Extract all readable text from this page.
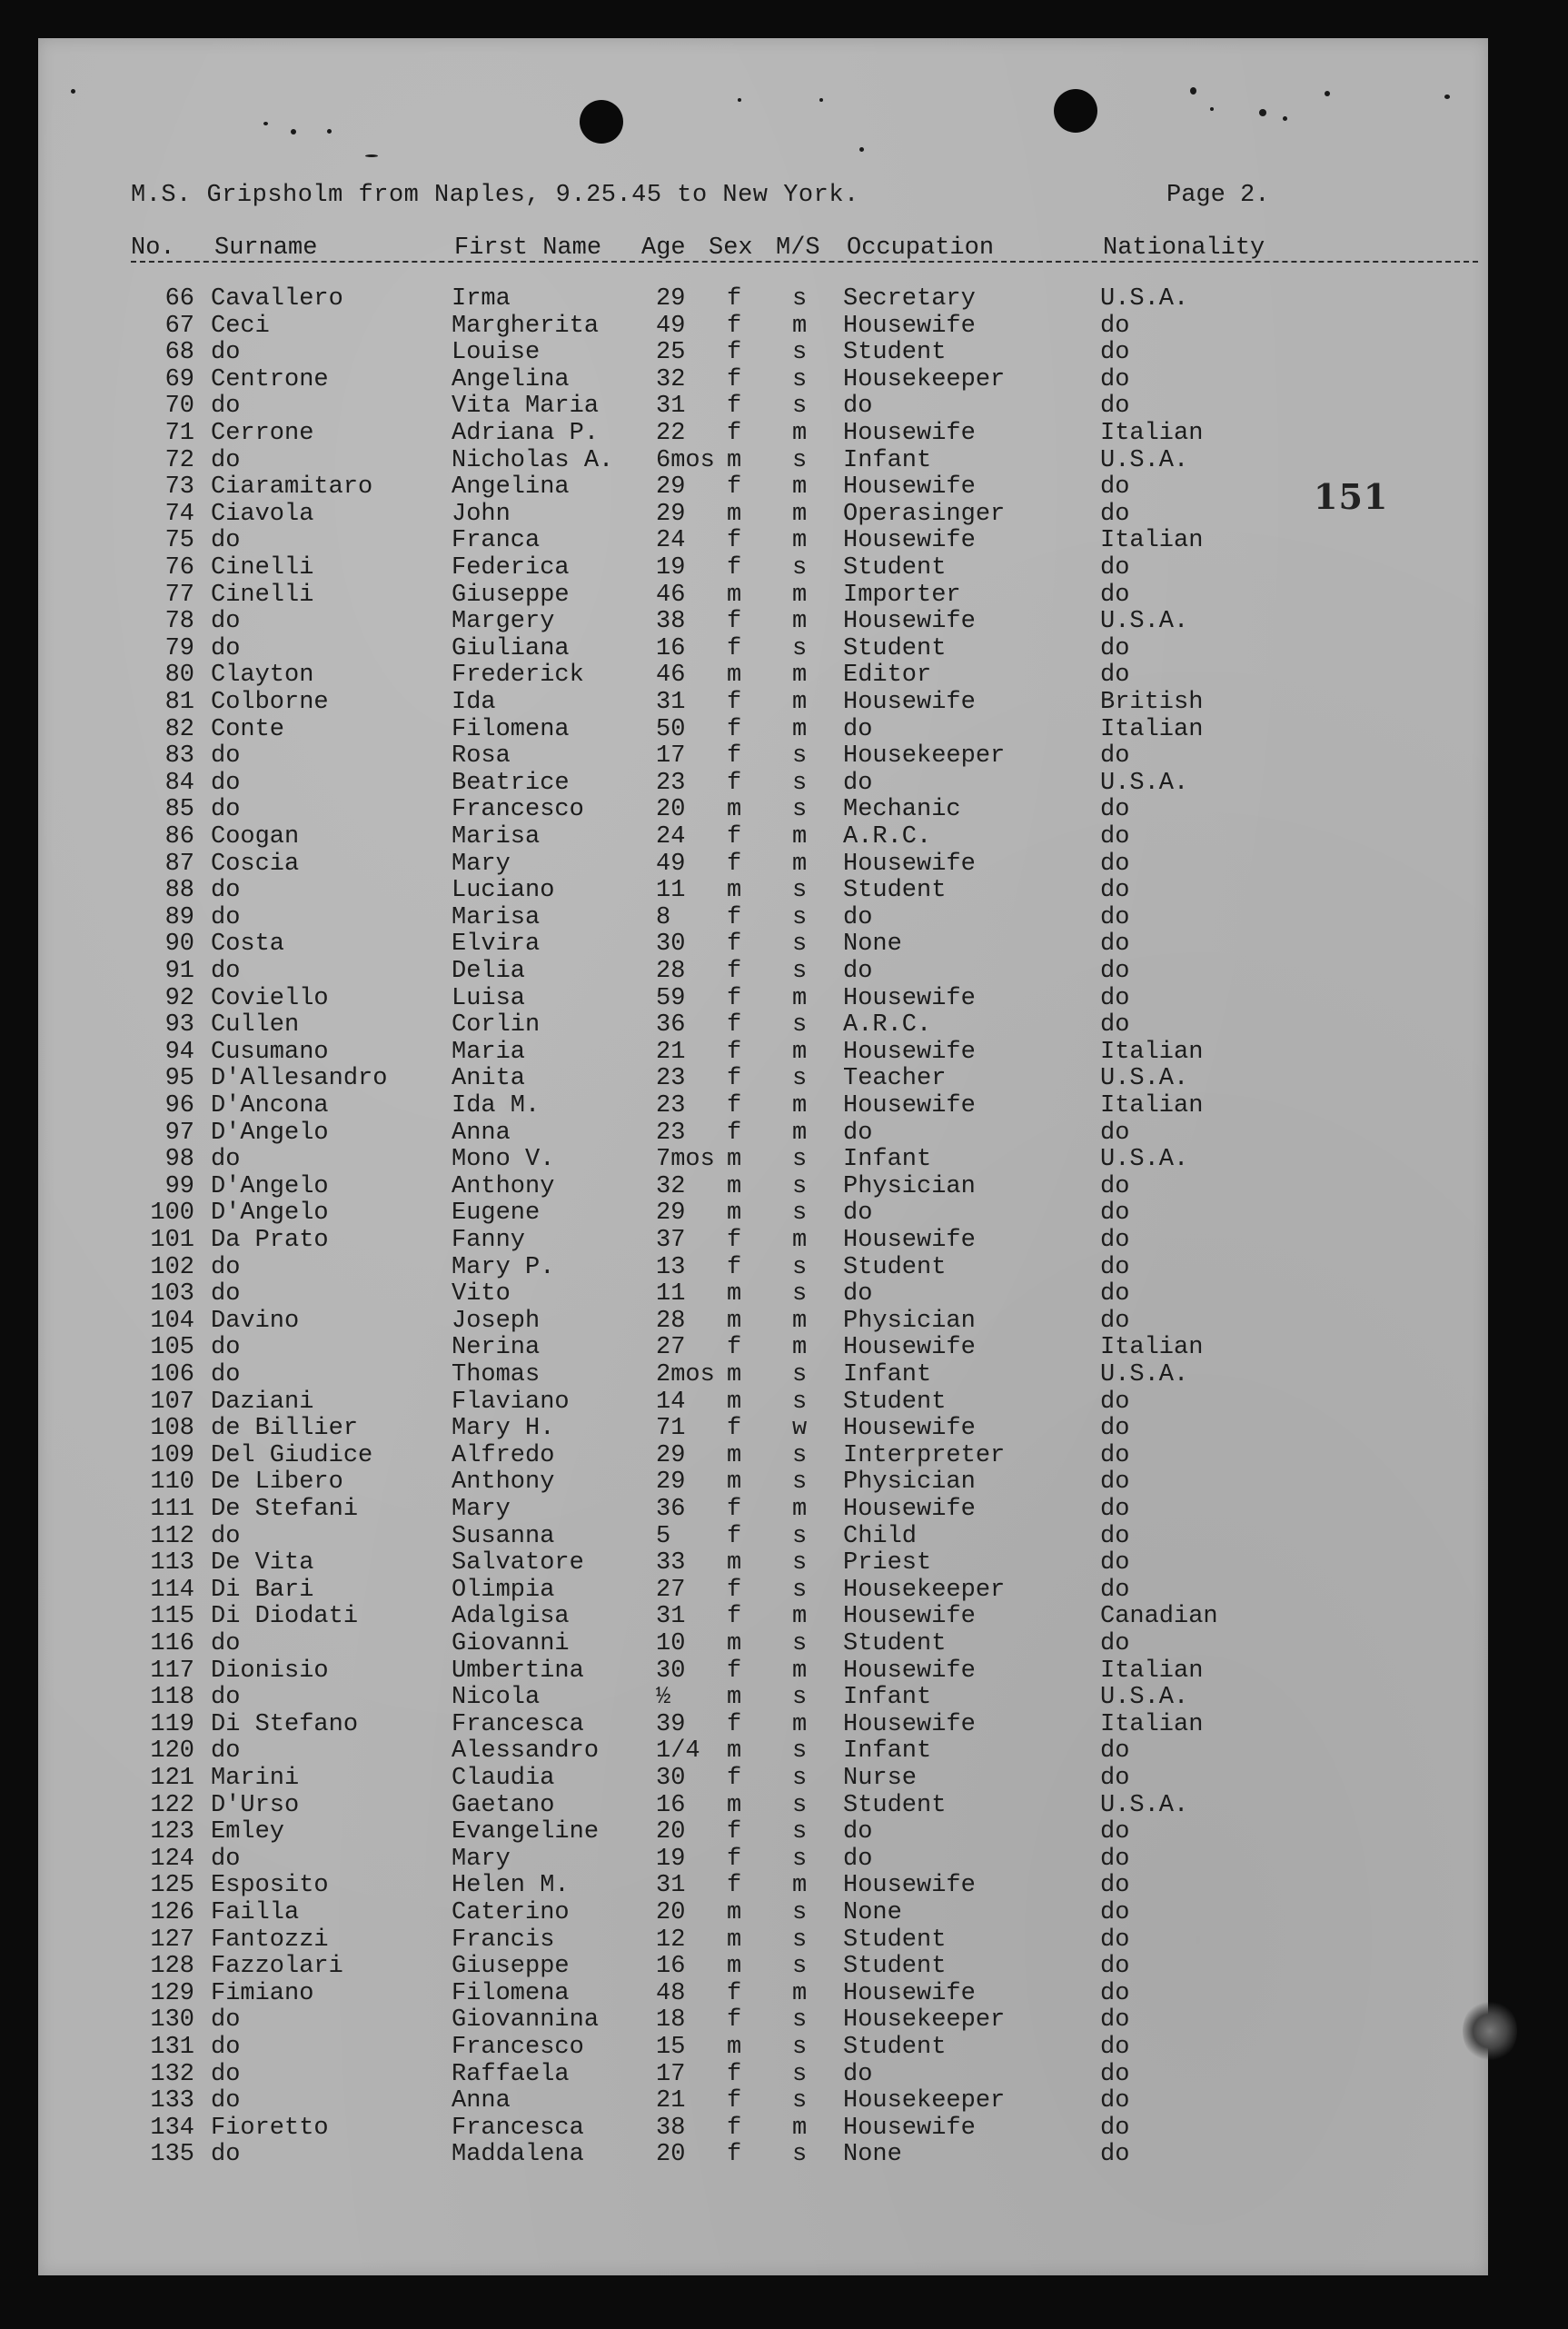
M.S. Gripsholm from Naples, 9.25.45 to New York.	Page 2.
No. Surname	First Name Age Sex M/S Occupation	Nationality
151
66 Cavallero	Irma	29 f s Secretary	U.S.A.
67 Ceci	Margherita 49 f m Housewife	do
68 do	Louise	25 f s Student	do
69 Centrone	Angelina	32 f s Housekeeper	do
70 do	Vita Maria 31 f s do	do
71 Cerrone	Adriana P. 22 f m Housewife	Italian
72 do	Nicholas A. 6mos m s Infant	U.S.A.
73 Ciaramitaro	Angelina	29 f m Housewife	do
74 Ciavola	John	29 m m Operasinger	do
75 do	Franca	24 f m Housewife	Italian
76 Cinelli	Federica	19 f s Student	do
77 Cinelli	Giuseppe	46 m m Importer	do
78 do	Margery	38 f m Housewife	U.S.A.
79 do	Giuliana	16 f s Student	do
80 Clayton	Frederick	46 m m Editor	do
81 Colborne	Ida	31 f m Housewife	British
82 Conte	Filomena	50 f m do	Italian
83 do	Rosa	17 f s Housekeeper	do
84 do	Beatrice	23 f s do	U.S.A.
85 do	Francesco	20 m s Mechanic	do
86 Coogan	Marisa	24 f m A.R.C.	do
87 Coscia	Mary	49 f m Housewife	do
88 do	Luciano	11 m s Student	do
89 do	Marisa	8 f s do	do
90 Costa	Elvira	30 f s None	do
91 do	Delia	28 f s do	do
92 Coviello	Luisa	59 f m Housewife	do
93 Cullen	Corlin	36 f s A.R.C.	do
94 Cusumano	Maria	21 f m Housewife	Italian
95 D'Allesandro	Anita	23 f s Teacher	U.S.A.
96 D'Ancona	Ida M.	23 f m Housewife	Italian
97 D'Angelo	Anna	23 f m do	do
98 do	Mono V.	7mos m s Infant	U.S.A.
99 D'Angelo	Anthony	32 m s Physician	do
100 D'Angelo	Eugene	29 m s do	do
101 Da Prato	Fanny	37 f m Housewife	do
102 do	Mary P.	13 f s Student	do
103 do	Vito	11 m s do	do
104 Davino	Joseph	28 m m Physician	do
105 do	Nerina	27 f m Housewife	Italian
106 do	Thomas	2mos m s Infant	U.S.A.
107 Daziani	Flaviano	14 m s Student	do
108 de Billier	Mary H.	71 f w Housewife	do
109 Del Giudice	Alfredo	29 m s Interpreter	do
110 De Libero	Anthony	29 m s Physician	do
111 De Stefani	Mary	36 f m Housewife	do
112 do	Susanna	5 f s Child	do
113 De Vita	Salvatore	33 m s Priest	do
114 Di Bari	Olimpia	27 f s Housekeeper	do
115 Di Diodati	Adalgisa	31 f m Housewife	Canadian
116 do	Giovanni	10 m s Student	do
117 Dionisio	Umbertina	30 f m Housewife	Italian
118 do	Nicola	½ m s Infant	U.S.A.
119 Di Stefano	Francesca	39 f m Housewife	Italian
120 do	Alessandro 1/4 m s Infant	do
121 Marini	Claudia	30 f s Nurse	do
122 D'Urso	Gaetano	16 m s Student	U.S.A.
123 Emley	Evangeline 20 f s do	do
124 do	Mary	19 f s do	do
125 Esposito	Helen M.	31 f m Housewife	do
126 Failla	Caterino	20 m s None	do
127 Fantozzi	Francis	12 m s Student	do
128 Fazzolari	Giuseppe	16 m s Student	do
129 Fimiano	Filomena	48 f m Housewife	do
130 do	Giovannina 18 f s Housekeeper	do
131 do	Francesco	15 m s Student	do
132 do	Raffaela	17 f s do	do
133 do	Anna	21 f s Housekeeper	do
134 Fioretto	Francesca	38 f m Housewife	do
135 do	Maddalena	20 f s None	do
